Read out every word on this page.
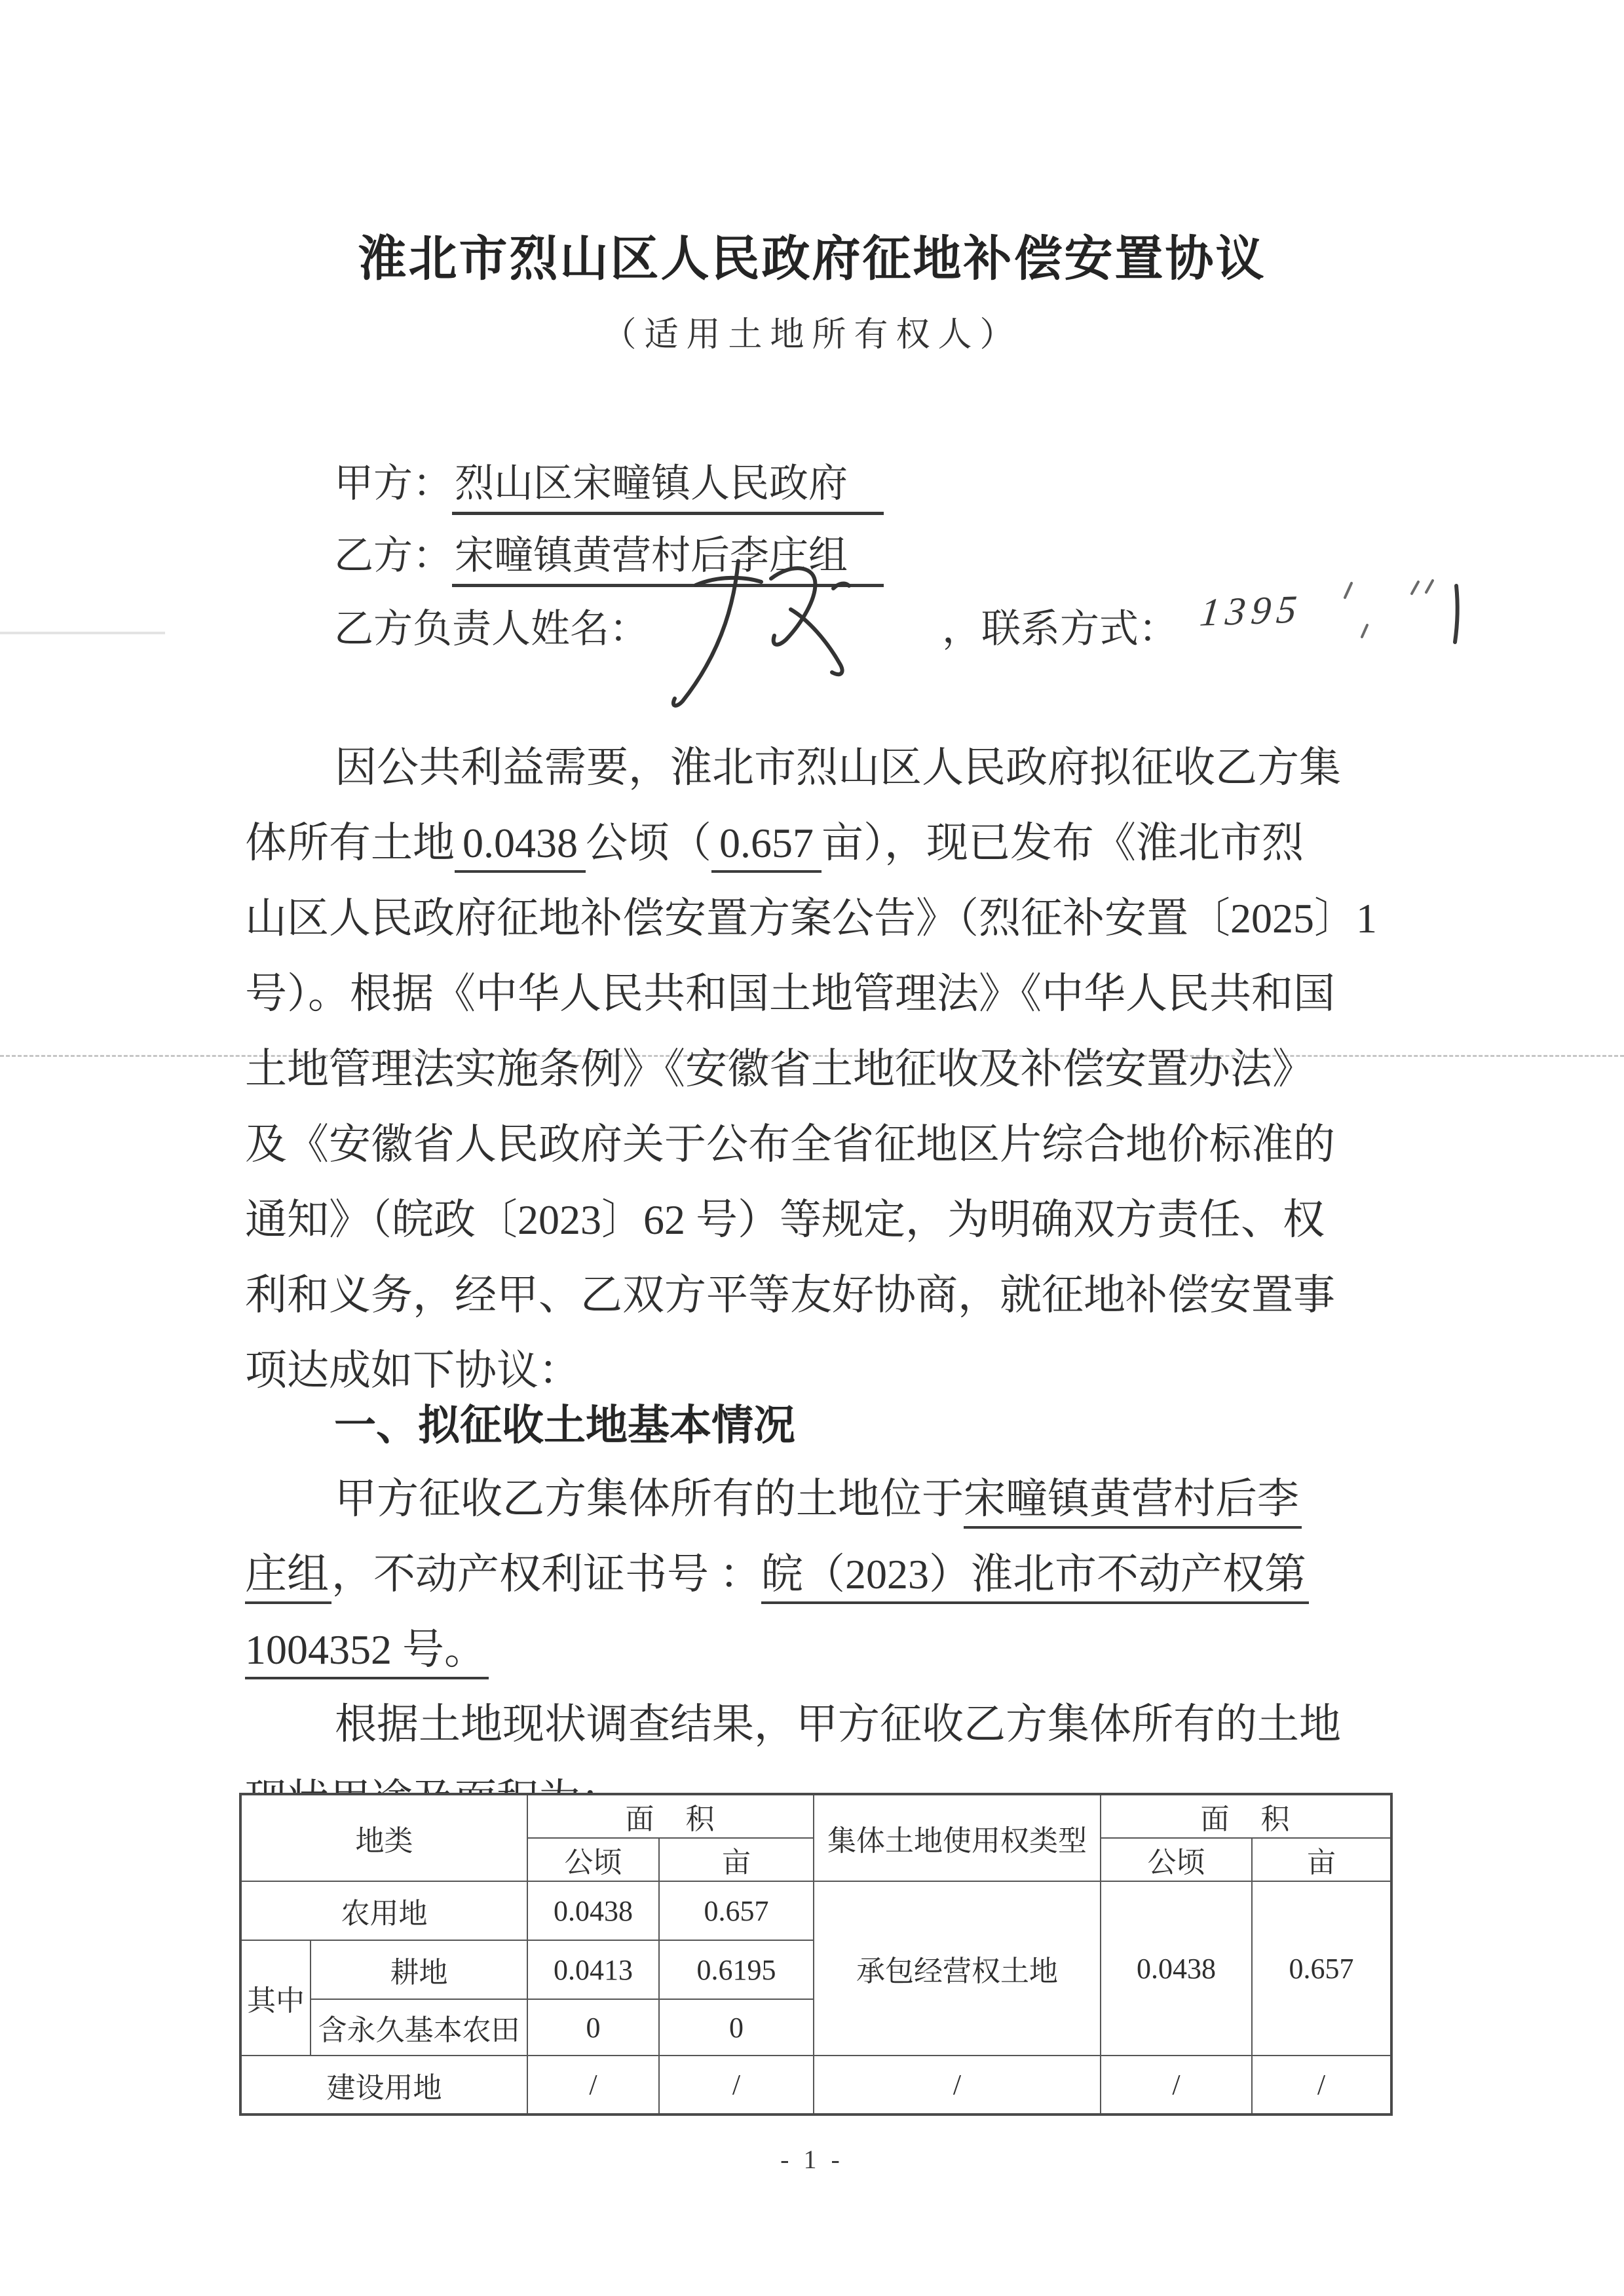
淮北市烈山区人民政府征地补偿安置协议
（适用土地所有权人）
甲方：烈山区宋疃镇人民政府
乙方：宋疃镇黄营村后李庄组
乙方负责人姓名：	，联系方式： 1395
因公共利益需要，淮北市烈山区人民政府拟征收乙方集
体所有土地 0.0438 公顷（ 0.657 亩），现已发布《淮北市烈
山区人民政府征地补偿安置方案公告》（烈征补安置〔2025〕1
号）。根据《中华人民共和国土地管理法》《中华人民共和国
土地管理法实施条例》《安徽省土地征收及补偿安置办法》
及《安徽省人民政府关于公布全省征地区片综合地价标准的
通知》（皖政〔2023〕62 号）等规定，为明确双方责任、权
利和义务，经甲、乙双方平等友好协商，就征地补偿安置事
项达成如下协议：
一、拟征收土地基本情况
甲方征收乙方集体所有的土地位于宋疃镇黄营村后李
庄组，不动产权利证书号 ：皖（2023）淮北市不动产权第
1004352 号。
根据土地现状调查结果，甲方征收乙方集体所有的土地
地类		面　积		集体土地使用权类型	面　积	
		公顷	亩		公顷	亩
农用地		0.0438	0.657	承包经营权土地	0.0438	0.657
其中	耕地	0.0413	0.6195			
	含永久基本农田	0	0			
建设用地		/	/	/	/	/
- 1 -
